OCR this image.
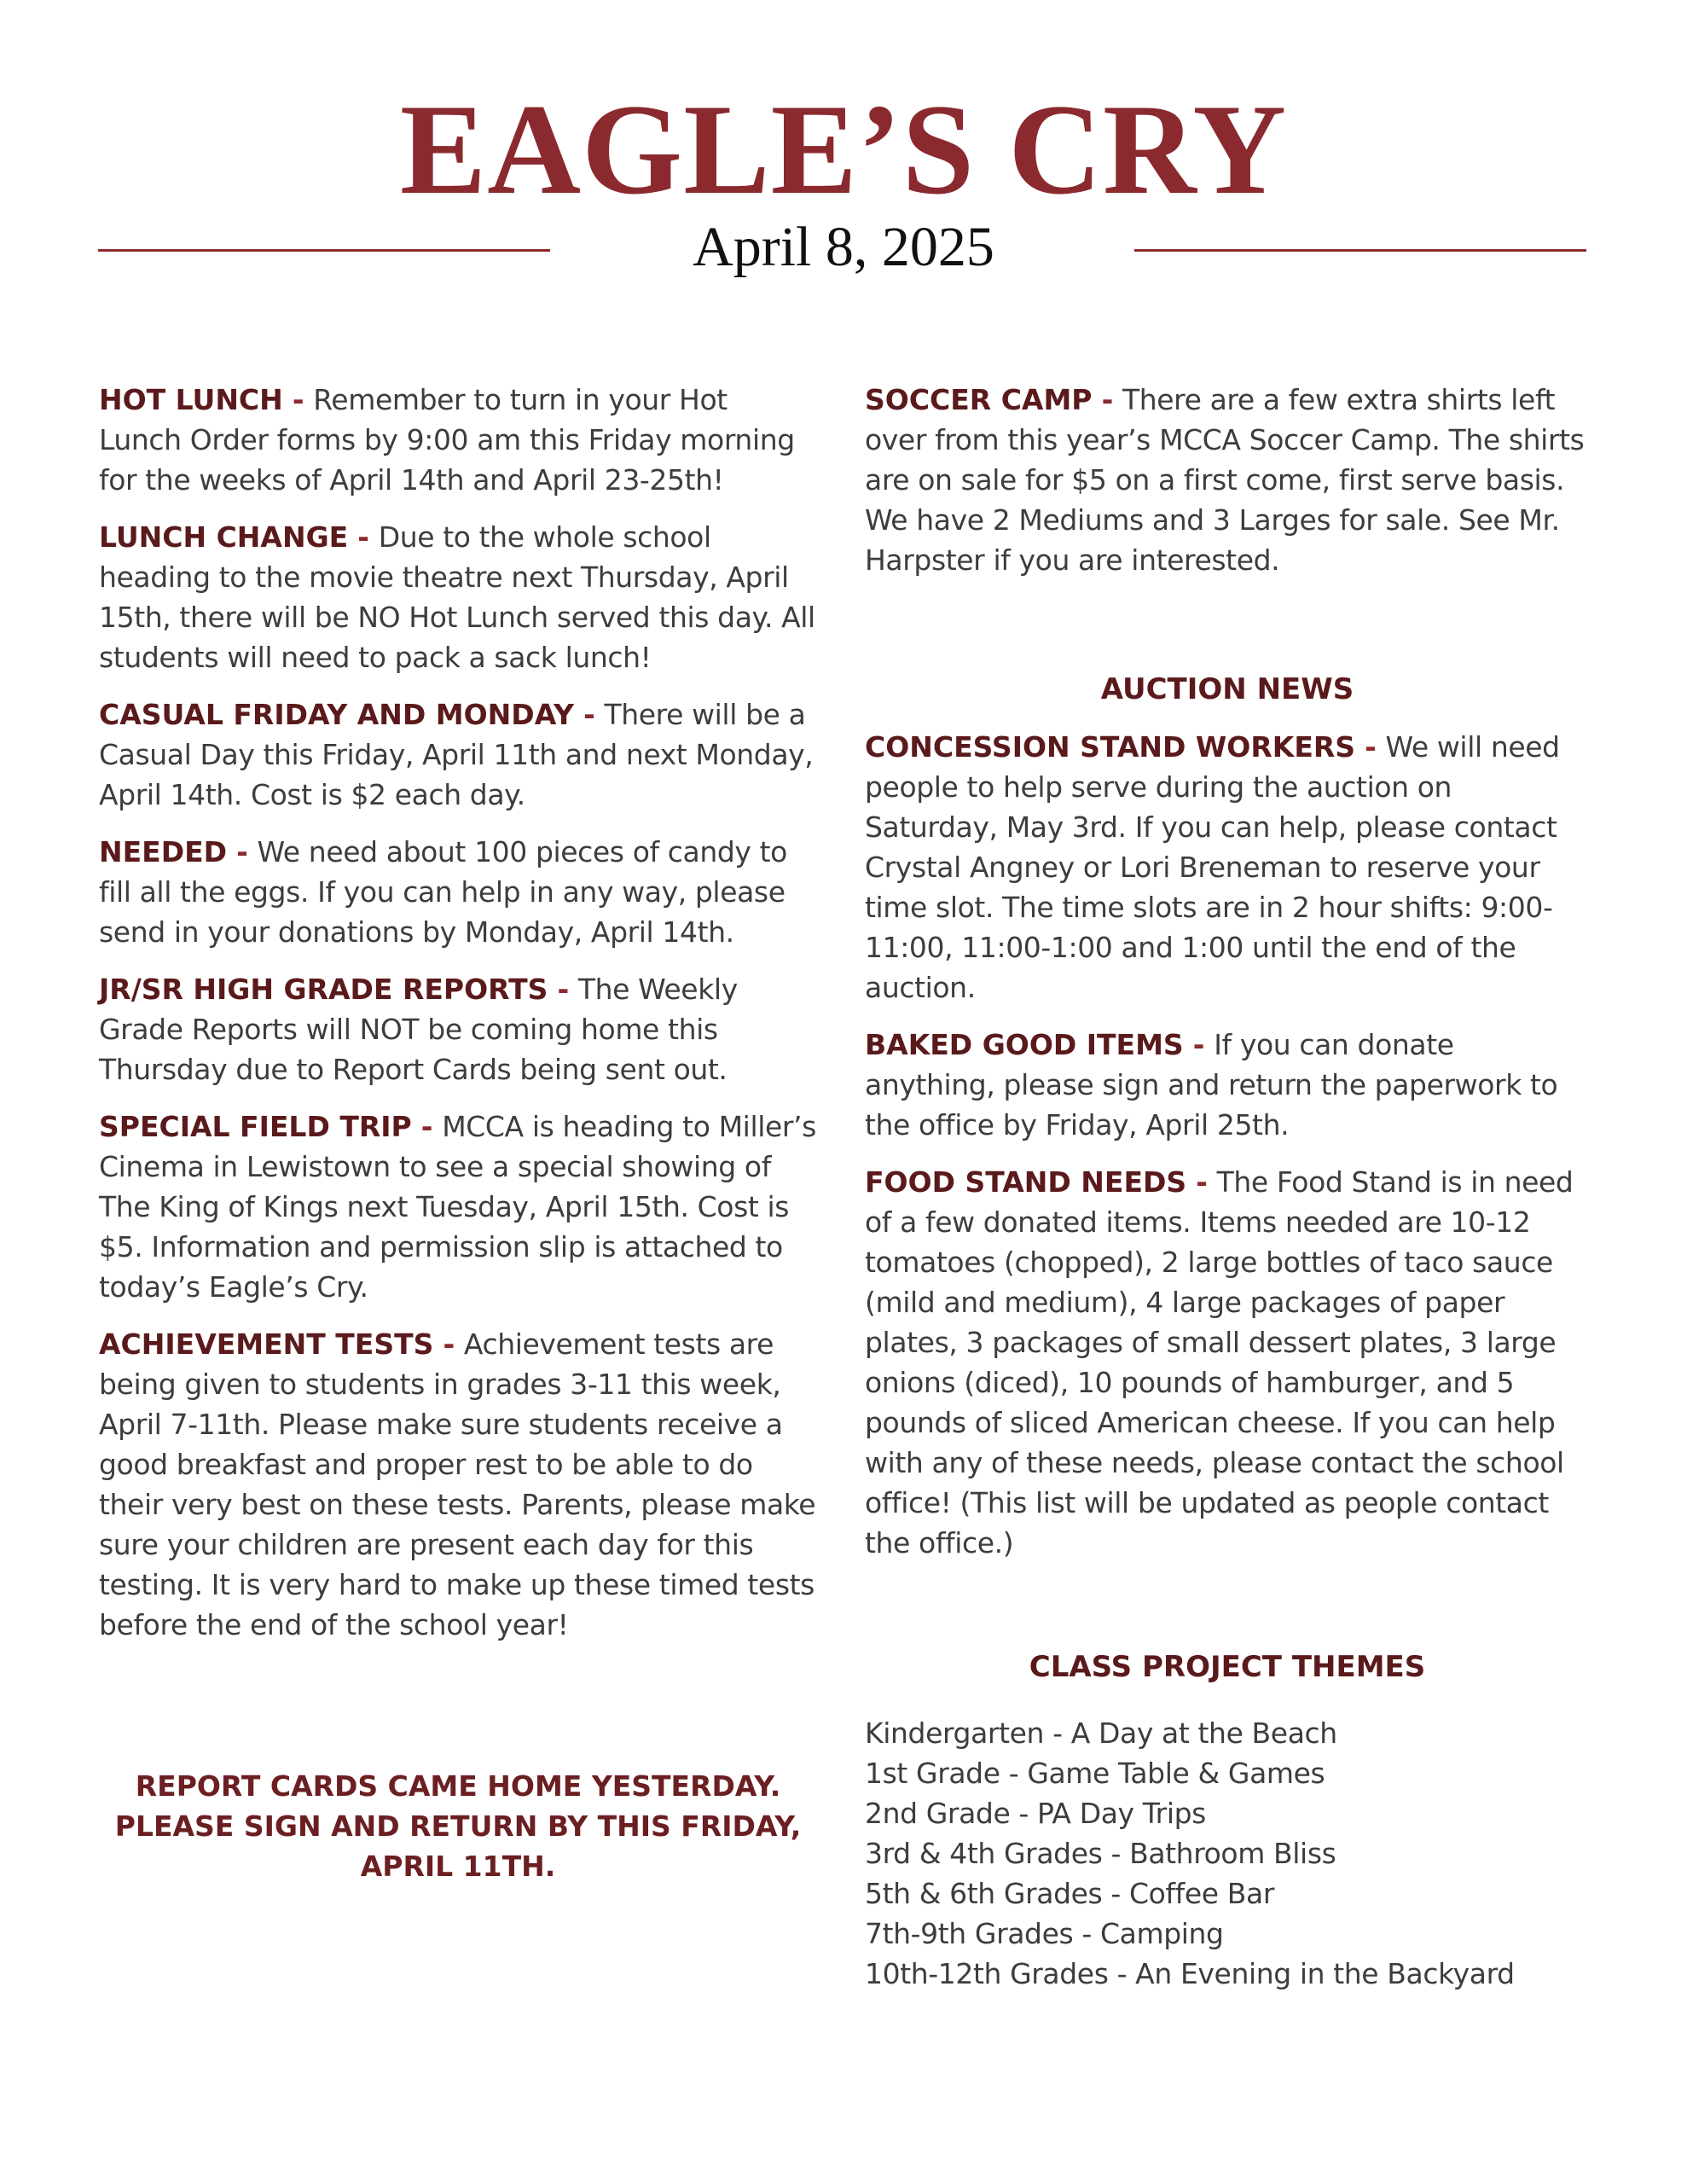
EAGLE’S CRY
April 8, 2025

HOT LUNCH - Remember to turn in your Hot Lunch Order forms by 9:00 am this Friday morning for the weeks of April 14th and April 23-25th!

LUNCH CHANGE - Due to the whole school heading to the movie theatre next Thursday, April 15th, there will be NO Hot Lunch served this day. All students will need to pack a sack lunch!

CASUAL FRIDAY AND MONDAY - There will be a Casual Day this Friday, April 11th and next Monday, April 14th. Cost is $2 each day.

NEEDED - We need about 100 pieces of candy to fill all the eggs. If you can help in any way, please send in your donations by Monday, April 14th.

JR/SR HIGH GRADE REPORTS - The Weekly Grade Reports will NOT be coming home this Thursday due to Report Cards being sent out.

SPECIAL FIELD TRIP - MCCA is heading to Miller’s Cinema in Lewistown to see a special showing of The King of Kings next Tuesday, April 15th. Cost is $5. Information and permission slip is attached to today’s Eagle’s Cry.

ACHIEVEMENT TESTS - Achievement tests are being given to students in grades 3-11 this week, April 7-11th. Please make sure students receive a good breakfast and proper rest to be able to do their very best on these tests. Parents, please make sure your children are present each day for this testing. It is very hard to make up these timed tests before the end of the school year!

REPORT CARDS CAME HOME YESTERDAY. PLEASE SIGN AND RETURN BY THIS FRIDAY, APRIL 11TH.

SOCCER CAMP - There are a few extra shirts left over from this year’s MCCA Soccer Camp. The shirts are on sale for $5 on a first come, first serve basis. We have 2 Mediums and 3 Larges for sale. See Mr. Harpster if you are interested.

AUCTION NEWS

CONCESSION STAND WORKERS - We will need people to help serve during the auction on Saturday, May 3rd. If you can help, please contact Crystal Angney or Lori Breneman to reserve your time slot. The time slots are in 2 hour shifts: 9:00-11:00, 11:00-1:00 and 1:00 until the end of the auction.

BAKED GOOD ITEMS - If you can donate anything, please sign and return the paperwork to the office by Friday, April 25th.

FOOD STAND NEEDS - The Food Stand is in need of a few donated items. Items needed are 10-12 tomatoes (chopped), 2 large bottles of taco sauce (mild and medium), 4 large packages of paper plates, 3 packages of small dessert plates, 3 large onions (diced), 10 pounds of hamburger, and 5 pounds of sliced American cheese. If you can help with any of these needs, please contact the school office! (This list will be updated as people contact the office.)

CLASS PROJECT THEMES

Kindergarten - A Day at the Beach
1st Grade - Game Table & Games
2nd Grade - PA Day Trips
3rd & 4th Grades - Bathroom Bliss
5th & 6th Grades - Coffee Bar
7th-9th Grades - Camping
10th-12th Grades - An Evening in the Backyard
